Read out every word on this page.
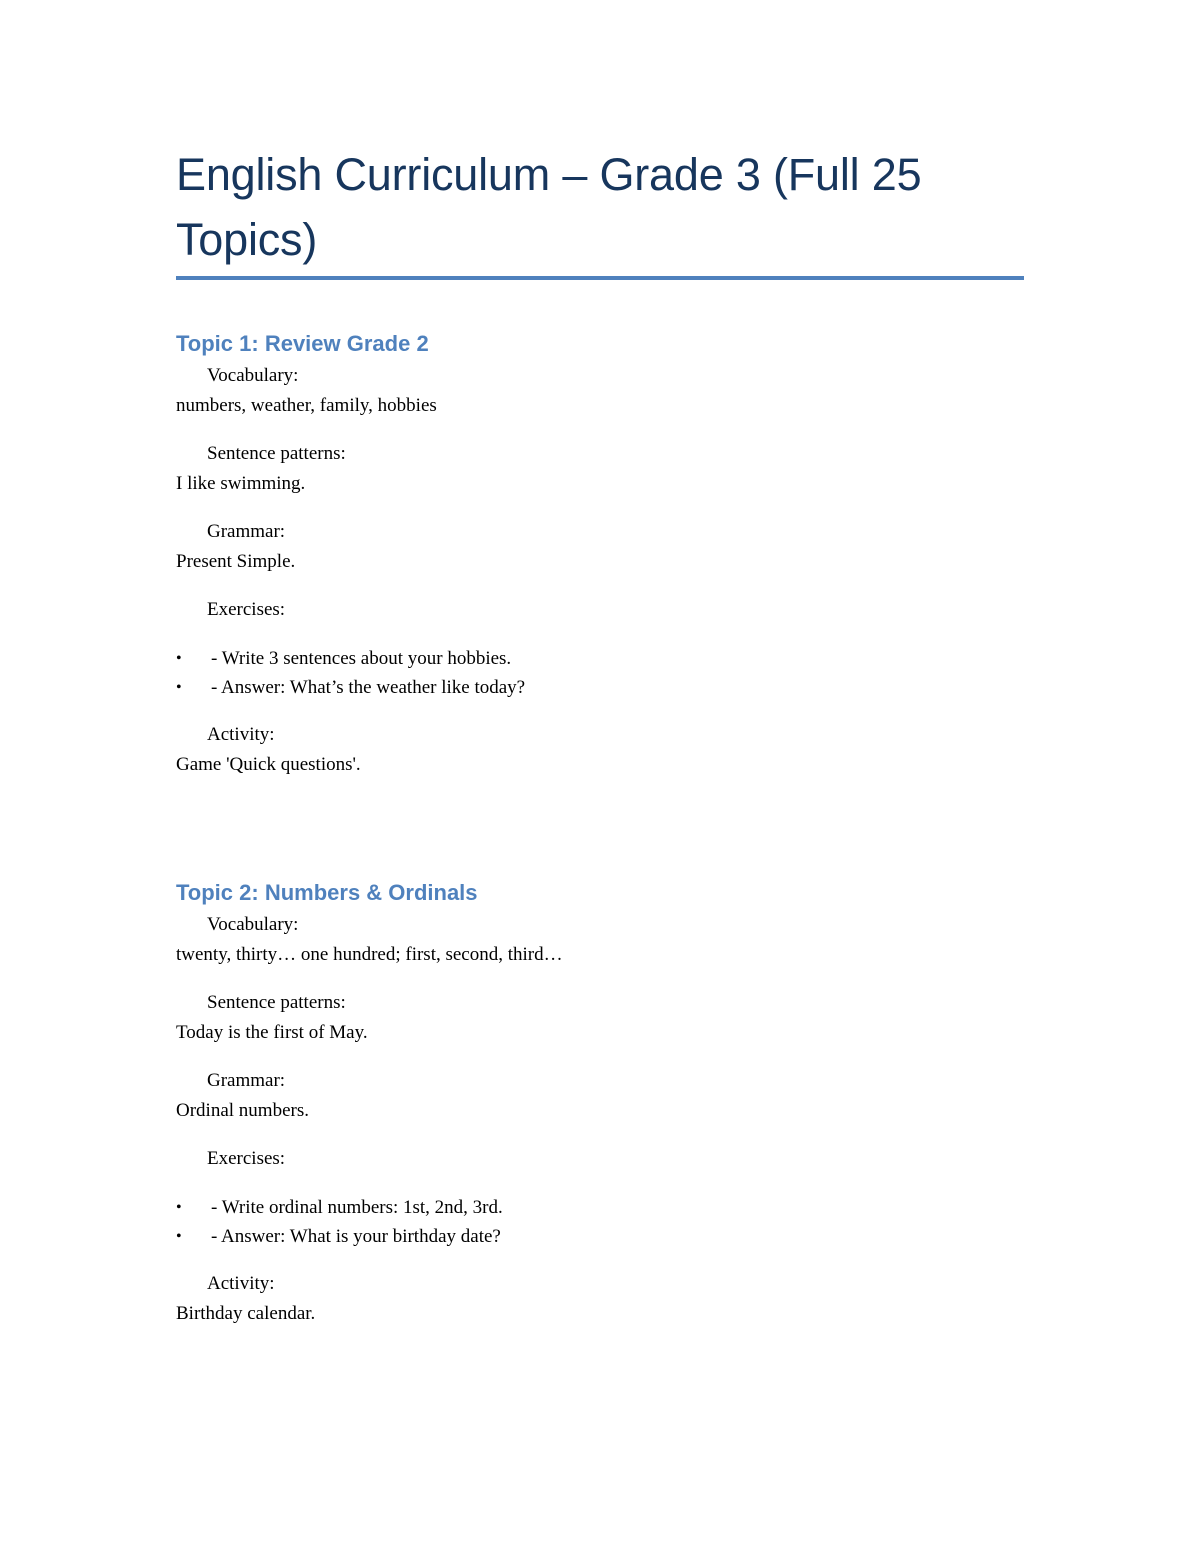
English Curriculum – Grade 3 (Full 25 Topics)
Topic 1: Review Grade 2
Vocabulary:
numbers, weather, family, hobbies
Sentence patterns:
I like swimming.
Grammar:
Present Simple.
Exercises:
• - Write 3 sentences about your hobbies.
• - Answer: What’s the weather like today?
Activity:
Game 'Quick questions'.
Topic 2: Numbers & Ordinals
Vocabulary:
twenty, thirty… one hundred; first, second, third…
Sentence patterns:
Today is the first of May.
Grammar:
Ordinal numbers.
Exercises:
• - Write ordinal numbers: 1st, 2nd, 3rd.
• - Answer: What is your birthday date?
Activity:
Birthday calendar.
